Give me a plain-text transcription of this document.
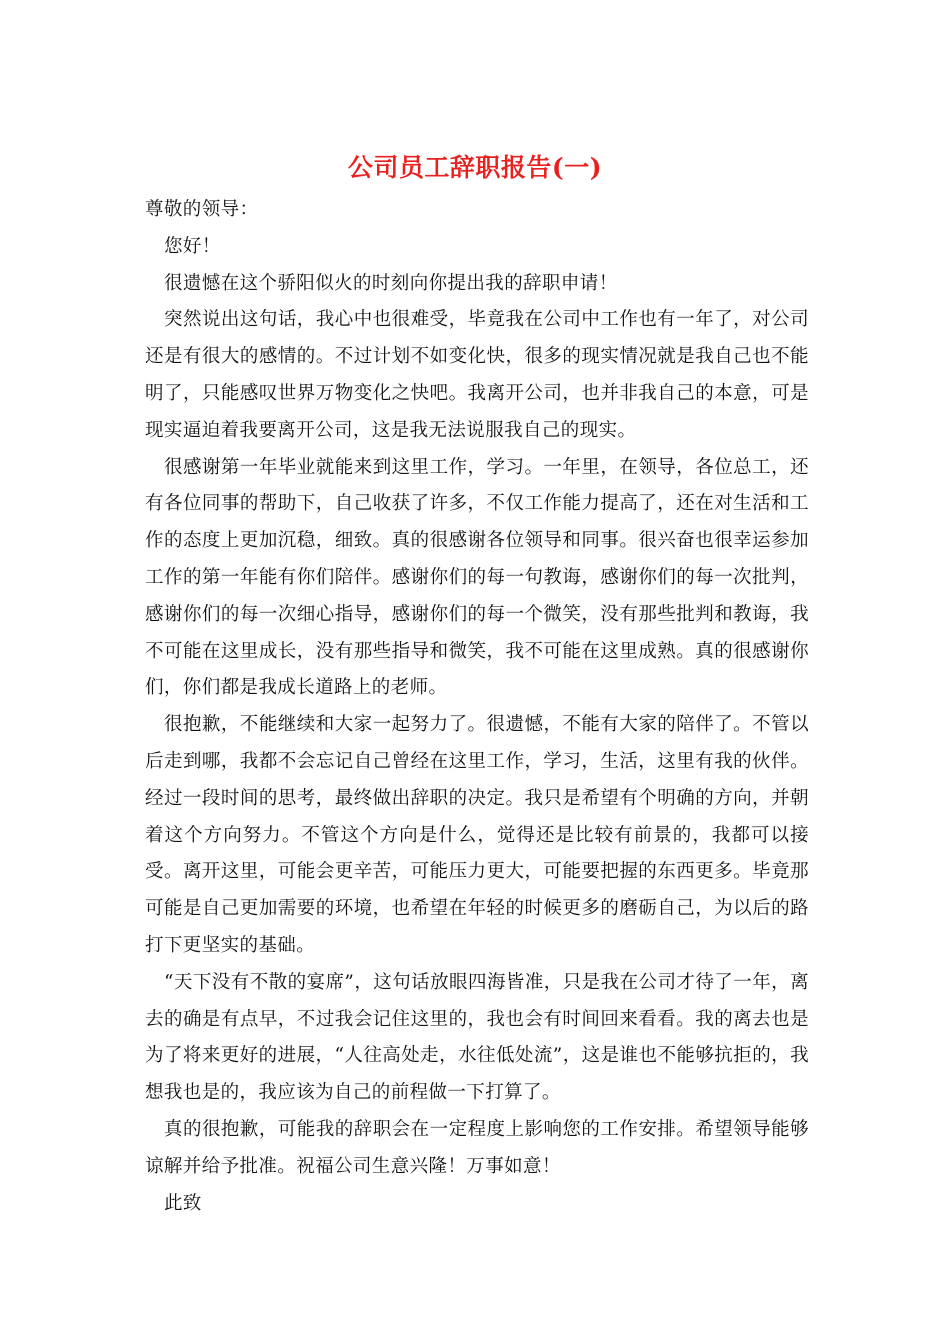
公司员工辞职报告(一)

尊敬的领导：

您好！

很遗憾在这个骄阳似火的时刻向你提出我的辞职申请！

突然说出这句话，我心中也很难受，毕竟我在公司中工作也有一年了，对公司还是有很大的感情的。不过计划不如变化快，很多的现实情况就是我自己也不能明了，只能感叹世界万物变化之快吧。我离开公司，也并非我自己的本意，可是现实逼迫着我要离开公司，这是我无法说服我自己的现实。

很感谢第一年毕业就能来到这里工作，学习。一年里，在领导，各位总工，还有各位同事的帮助下，自己收获了许多，不仅工作能力提高了，还在对生活和工作的态度上更加沉稳，细致。真的很感谢各位领导和同事。很兴奋也很幸运参加工作的第一年能有你们陪伴。感谢你们的每一句教诲，感谢你们的每一次批判，感谢你们的每一次细心指导，感谢你们的每一个微笑，没有那些批判和教诲，我不可能在这里成长，没有那些指导和微笑，我不可能在这里成熟。真的很感谢你们，你们都是我成长道路上的老师。

很抱歉，不能继续和大家一起努力了。很遗憾，不能有大家的陪伴了。不管以后走到哪，我都不会忘记自己曾经在这里工作，学习，生活，这里有我的伙伴。经过一段时间的思考，最终做出辞职的决定。我只是希望有个明确的方向，并朝着这个方向努力。不管这个方向是什么，觉得还是比较有前景的，我都可以接受。离开这里，可能会更辛苦，可能压力更大，可能要把握的东西更多。毕竟那可能是自己更加需要的环境，也希望在年轻的时候更多的磨砺自己，为以后的路打下更坚实的基础。

“天下没有不散的宴席”，这句话放眼四海皆准，只是我在公司才待了一年，离去的确是有点早，不过我会记住这里的，我也会有时间回来看看。我的离去也是为了将来更好的进展，“人往高处走，水往低处流”，这是谁也不能够抗拒的，我想我也是的，我应该为自己的前程做一下打算了。

真的很抱歉，可能我的辞职会在一定程度上影响您的工作安排。希望领导能够谅解并给予批准。祝福公司生意兴隆！万事如意！

此致
